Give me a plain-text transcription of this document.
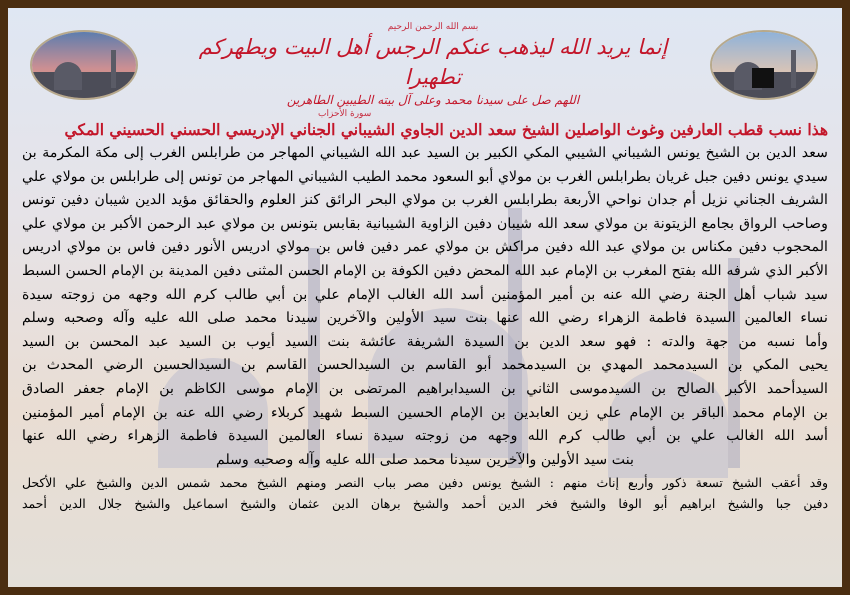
بسم الله الرحمن الرحيم
إنما يريد الله ليذهب عنكم الرجس أهل البيت ويطهركم تطهيرا
اللهم صل على سيدنا محمد وعلى آل بيته الطيبين الطاهرين
سورة الأحزاب
هذا نسب قطب العارفين وغوث الواصلين الشيخ سعد الدين الجاوي الشيباني الجناني الإدريسي الحسني الحسيني المكي

سعد الدين بن الشيخ يونس الشيباني الشيبي المكي الكبير بن السيد عبد الله الشيباني المهاجر من طرابلس الغرب إلى مكة المكرمة بن

سيدي يونس دفين جبل غريان بطرابلس الغرب بن مولاي أبو السعود محمد الطيب الشيباني المهاجر من تونس إلى طرابلس بن مولاي علي

الشريف الجناني نزيل أم جدان نواحي الأربعة بطرابلس الغرب بن مولاي البحر الرائق كنز العلوم والحقائق مؤيد الدين شيبان دفين تونس

وصاحب الرواق بجامع الزيتونة بن مولاي سعد الله شيبان دفين الزاوية الشيبانية بقابس بتونس بن مولاي عبد الرحمن الأكبر بن مولاي علي

المحجوب دفين مكناس بن مولاي عبد الله دفين مراكش بن مولاي عمر دفين فاس بن مولاي ادريس الأنور دفين فاس بن مولاي ادريس

الأكبر الذي شرفه الله بفتح المغرب بن الإمام عبد الله المحض دفين الكوفة بن الإمام الحسن المثنى دفين المدينة بن الإمام الحسن السبط

سيد شباب أهل الجنة رضي الله عنه بن أمير المؤمنين أسد الله الغالب الإمام علي بن أبي طالب كرم الله وجهه من زوجته سيدة

نساء العالمين السيدة فاطمة الزهراء رضي الله عنها بنت سيد الأولين والآخرين سيدنا محمد صلى الله عليه وآله وصحبه وسلم

وأما نسبه من جهة والدته : فهو سعد الدين بن السيدة الشريفة عائشة بنت السيد أيوب بن السيد عبد المحسن بن السيد

يحيى المكي بن السيدمحمد المهدي بن السيدمحمد أبو القاسم بن السيدالحسن القاسم بن السيدالحسين الرضي المحدث بن

السيدأحمد الأكبر الصالح بن السيدموسى الثاني بن السيدابراهيم المرتضى بن الإمام موسى الكاظم بن الإمام جعفر الصادق

بن الإمام محمد الباقر بن الإمام علي زين العابدين بن الإمام الحسين السبط شهيد كربلاء رضي الله عنه بن الإمام أمير المؤمنين

أسد الله الغالب علي بن أبي طالب كرم الله وجهه من زوجته سيدة نساء العالمين السيدة فاطمة الزهراء رضي الله عنها

بنت سيد الأولين والآخرين سيدنا محمد صلى الله عليه وآله وصحبه وسلم

وقد أعقب الشيخ تسعة ذكور وأربع إناث منهم : الشيخ يونس دفين مصر بباب النصر ومنهم الشيخ محمد شمس الدين والشيخ علي الأكحل

دفين جبا والشيخ ابراهيم أبو الوفا والشيخ فخر الدين أحمد والشيخ برهان الدين عثمان والشيخ اسماعيل والشيخ جلال الدين أحمد
